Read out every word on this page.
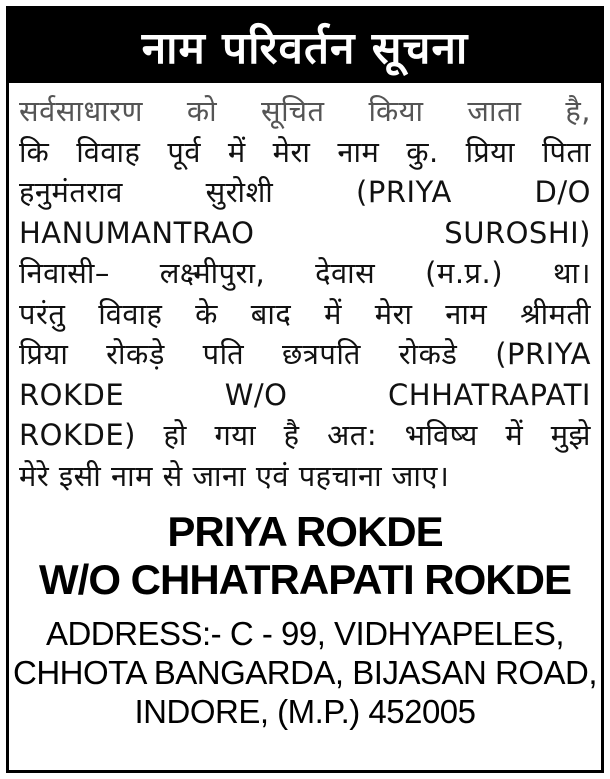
नाम परिवर्तन सूचना
सर्वसाधारण को सूचित किया जाता है,
कि विवाह पूर्व में मेरा नाम कु. प्रिया पिता
हनुमंतराव सुरोशी (PRIYA D/O
HANUMANTRAO SUROSHI)
निवासी– लक्ष्मीपुरा, देवास (म.प्र.) था।
परंतु विवाह के बाद में मेरा नाम श्रीमती
प्रिया रोकड़े पति छत्रपति रोकडे (PRIYA
ROKDE W/O CHHATRAPATI
ROKDE) हो गया है अत: भविष्य में मुझे
मेरे इसी नाम से जाना एवं पहचाना जाए।
PRIYA ROKDE
W/O CHHATRAPATI ROKDE
ADDRESS:- C - 99, VIDHYAPELES,
CHHOTA BANGARDA, BIJASAN ROAD,
INDORE, (M.P.) 452005
